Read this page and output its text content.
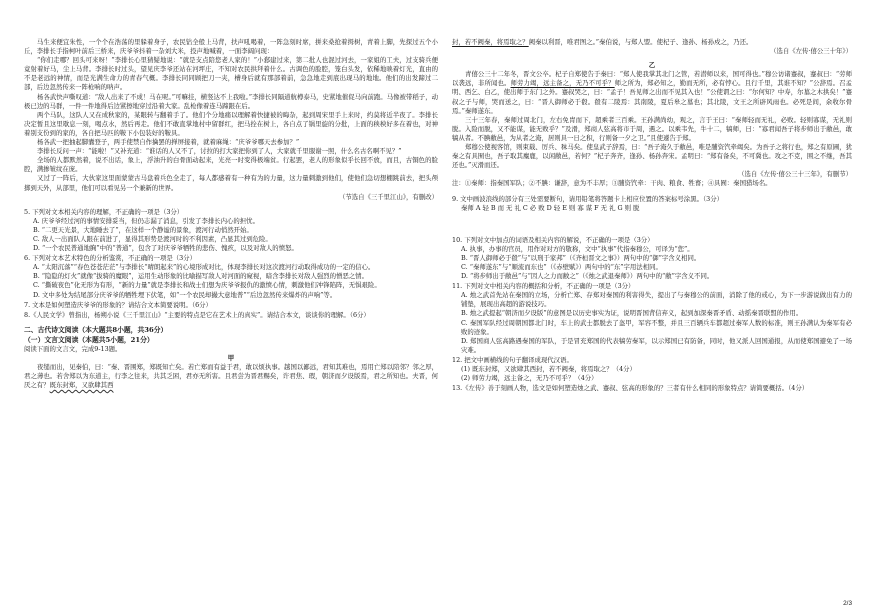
马生来便宜朱性，一个个在浩荡的里躲着身子，农民钻全般上马背，扶声吼喝着，一阵急刻时席，拼来桑抢着拇树，青着上脚，先探过五个小丘，李排长手指柯叶前后三桥来，庆爷爷抖着一杂刘大米，投声地喊着，一面李阔问现：

“你们走哪？回头可来呀！”李排长心里猜疑地说：“就是支点陪您老人家的！”小郄建过来，第二批人也混过河去，一家姐的工夫，过支骑兵便竟射着好马，尘上马背。李排长时过头，望见庆李爷还站在河坪庄，不知对农民拱拜着什么。古调色的脸腔，笼白头发，依稀地映着灯光，直由的不是老远的神情，而是光满生命力的青春气概。李排长同同顾把刀一夹，槽身后就有那部着前，急急地走到底出现马的地地。他们的出发蹄过二部，后边忽然传来一阵枪响的呐声。

杨各武快声嘶叹道：“敌人出来了不成！马在呢。”可嘛挂，横竖达不上我啦。”李排长同隔道航樽泰马，史紧地催促马向前跑。马像被带稻子，动极已边的马群，一件一件地得后边紧擦地穿过沿着大家。乱枪像着连马蹄跟在后。

两个马队，这队人又在成秋家的，某眼转与翻着手了。他们个分地痛以理解着快捷被的晦杂，起到周宋里手上来时，约莫将近半夜了。李排长决定暂且这里歇息一刻，喝点水，然后再走。他们不敢直掌地村中留群红，把马拴在树上，各自点了锅里旋的分批，上面的秧秧好多在着也，对神着别支份到的家的，各自把马匹的鞍下小包装好的鞍具。

杨各武一把抽起脚囊登子，两手使禁自作擒罢的掸屏接着，就着麻绳：“庆爷爷哪天去参加？”

李排长反问一声：“能啦！”又补充道：“谁话的人又不了，讨拉的打大家把你到了人，大家就千里服谢一照，什么名古名啊不见？”

全场的人都默然着，说不出话，象上，浮油升的白骨面动起来，光亮一时变得极端贫。行起罢，老人的形象似乎长回不放，而且，古铜色的脸腔，满掺皱纹在庞。

又过了一阵后，大伙家这里面蒙蒙古马盘着兵色全走了，每人都感着有一种有为的力量，这力量刺激到他们，使他们急切想棚跳前去，把头颅掷到天外，从部里，他们可以看见另一个兼新的世界。

（节选自《三千里江山》，有删改）

5. 下列对文本相关内容的理解，不正确的一项是（3分）

A. 庆爷爷经过河的事情安排妥当，但仍志漏了消息，引发了李排长内心的担忧。

B. “二更天光景，大地睡去了”，在这样一个静谧的景象，渡河行动悄然开始。

C. 敌人一出面队人跟在前进了，显得其形势是渡河时的不利因素，凸显其过到危险。

D. “一个农民普通地胸”中的“普通”，包含了对庆爷爷牺牲的悲伤、愧疚，以及对敌人的愤怒。

6. 下列对文本艺术特色的分析鉴赏，不正确的一项是（3分）

A. “太阳沉落”“春色苍苍茫茫”与李排长“晴朗起来”的心境形成对比，体现李排长对这次渡河行动取得成功的一定的信心。

B. “隐隐的灯火”就像“拔骑的魔眼”，运用生动形象的比喻描写敌人对河面的窥视，暗含李排长对敌人强烈的憎恶之情。

C. “撕破夜色”化无形为有形，“新的力量”就是李排长和战士们想为庆爷爷报仇的激愤心情，刺激他们冲锋陷阵，无惧艰险。

D. 文中多处为结尾部分庆爷爷的牺牲埋下伏笔，如“一个农民却撮大意地普”“后边忽然传来爆炸的声响”等。

7. 文本是如何塑造庆爷爷的形象的？请结合文本简要说明。（6分）

8.《人民文学》曾指出，杨朔小说《三千里江山》“主要的特点是它在艺术上的真实”。请结合本文，谈谈你的理解。（6分）

二、古代诗文阅读（本大题共8小题，共36分）

（一）文言文阅读（本题共5小题，21分）

阅读下面的文言文，完成9-13题。

甲

夜缒而出，见秦伯，曰：“秦、晋围郑，郑既知亡矣。若亡郑而有益于君，敢以烦执事。越国以鄙远，君知其难也，焉用亡郑以陪邻？邻之厚，君之薄也。若舍郑以为东道主，行李之往来，共其乏困，君亦无所害。且君尝为晋君赐矣，许君焦、瑕，朝济而夕设版焉，君之所知也。夫晋，何厌之有？既东封郑，又欲肆其西

封，若不阙秦，将焉取之？阙秦以利晋，唯君图之。”秦伯说，与郑人盟。使杞子、逢孙、杨孙戍之，乃还。

（选自《左传·僖公三十年》）

乙

青僖公三十二年冬，晋文公卒。杞子自郑使告于秦曰：“郑人使我掌其北门之管，若潜师以来，国可得也。”穆公访诸蹇叔，蹇叔曰：“劳师以袭远，非所闻也。师劳力竭，远主备之，无乃不可乎？师之所为，郑必知之，勤而无所，必有悖心。且行千里，其谁不知？”公辞焉。召孟明、西乞、白乙，使出师于东门之外。蹇叔哭之，曰：“孟子！吾见师之出而不见其入也！”公使谓之曰：“尔何知？中寿，尔墓之木拱矣！”蹇叔之子与师，哭而送之，曰：“晋人御师必于殽。殽有二陵焉：其南陵，夏后皋之墓也；其北陵，文王之所辟风雨也。必死是间，余收尔骨焉。”秦师遂东。

三十三年春，秦师过周北门，左右免胄而下，超乘者三百乘。王孙满尚幼，观之，言于王曰：“秦师轻而无礼，必败。轻则寡谋，无礼则脱。入险而脱，又不能谋，能无败乎？”及滑，郑商人弦高将市于周，遇之。以乘韦先，牛十二，犒师，曰：“寡君闻吾子将步师出于敝邑，敢犒从者。不腆敝邑，为从者之淹，居则具一日之积，行则备一夕之卫。”且使遽告于郑。

郑穆公使视客馆，则束载、厉兵、秣马矣。使皇武子辞焉，曰：“吾子淹久于敝邑，唯是脯资饩牵竭矣。为吾子之将行也，郑之有原圃，犹秦之有具囿也，吾子取其麋鹿，以闲敝邑，若何？”杞子奔齐，逢孙、杨孙奔宋。孟明曰：“郑有备矣，不可冀也。攻之不克，围之不继，吾其还也。”灭滑而还。

（选自《左传·僖公三十三年》，有删节）

注：①秦师：指秦国军队；②不腆：谦辞，意为不丰厚；③脯资饩牵：干肉、粮食、牲畜；④具囿：秦国猎场名。

9. 文中画波浪线的部分有三处需要断句，请用铅笔将答题卡上相应位置的答案标号涂黑。（3分）

秦师 A 轻 B 而 无 礼 C 必 败 D 轻 E 则 寡 谋 F 无 礼 G 则 脱

10. 下列对文中加点的词语及相关内容的解说，不正确的一项是（3分）

A. 执事，办事的官员，用作对对方的敬称，文中“执事”代指秦穆公，可译为“您”。

B. “晋人御师必于殽”与“以刑于家邦”（《齐桓晋文之事》）两句中的“御”字含义相同。

C. “秦师遂东”与“顺流而东也”（《赤壁赋》）两句中的“东”字用法相同。

D. “将步师出于敝邑”与“因人之力而敝之”（《烛之武退秦师》）两句中的“敝”字含义不同。

11. 下列对文中相关内容的概括和分析，不正确的一项是（3分）

A. 烛之武首先站在秦国的立场，分析亡郑、存郑对秦国的利害得失，提出了与秦穆公的前面，消除了他的戒心，为下一步游说做出有力的铺垫，展现出高超的游说技巧。

B. 烛之武提起“朝济而夕设版”的意图是以历史事实为证，说明晋国背信弃义，起到加深秦晋矛盾、动摇秦晋联盟的作用。

C. 秦国军队经过周朝国都北门时，车上的武士都脱去了盔甲，军容不整，并且三百辆兵车都超过秦军人数的标准，则王孙满认为秦军有必败的迹象。

D. 郑国商人弦高路遇秦国的军队，于是冒充郑国的代表犒劳秦军，以示郑国已有防备，同时，他又派人回国通报，从而使郑国避免了一场灾难。

12. 把文中画横线的句子翻译成现代汉语。

(1) 既东封郑，又欲肆其西封，若不阙秦，将焉取之？（4分）

(2) 师劳力竭，远主备之，无乃不可乎？（4分）

13.《左传》善于刻画人物，选文是如何塑造烛之武、蹇叔、弦高的形象的？三者有什么相同的形象特点？请简要概括。（4分）

2/3
